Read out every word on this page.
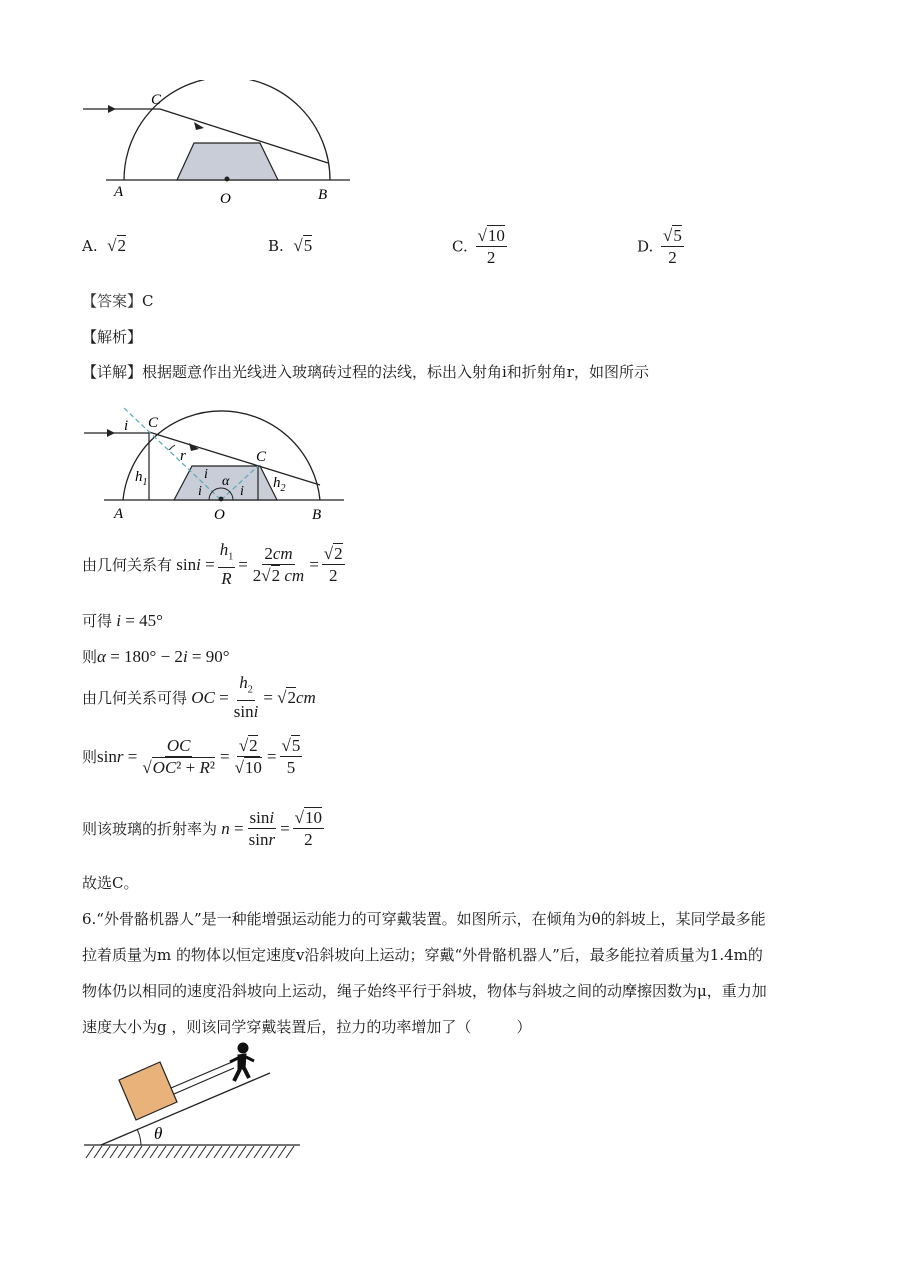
C
A	O	B
A. √2	B. √5	C. $\frac{√10}{2}$	D. $\frac{√5}{2}$
【答案】C
【解析】
【详解】根据题意作出光线进入玻璃砖过程的法线，标出入射角i和折射角r，如图所示
i C
r	C
i α
i	i
$h_1$	$h_2$
A	O	B
由几何关系有 $\sin i = \frac{h_1}{R} = \frac{2cm}{2√2 cm} = \frac{√2}{2}$
可得 i = 45°
则α = 180° − 2i = 90°
由几何关系可得 OC = $\frac{h_2}{\sin i} = √2cm$
则 $\sin r = \frac{OC}{\text{√OC² + R²}} = \frac{√2}{√10} = \frac{√5}{5}$
则该玻璃的折射率为 $n = \frac{\sin i}{\sin r} = \frac{√10}{2}$
故选C。
6.“外骨骼机器人”是一种能增强运动能力的可穿戴装置。如图所示，在倾角为θ的斜坡上，某同学最多能
拉着质量为m 的物体以恒定速度v沿斜坡向上运动；穿戴“外骨骼机器人”后，最多能拉着质量为1.4m的
物体仍以相同的速度沿斜坡向上运动，绳子始终平行于斜坡，物体与斜坡之间的动摩擦因数为μ，重力加
速度大小为g ，则该同学穿戴装置后，拉力的功率增加了（　　　）
θ
